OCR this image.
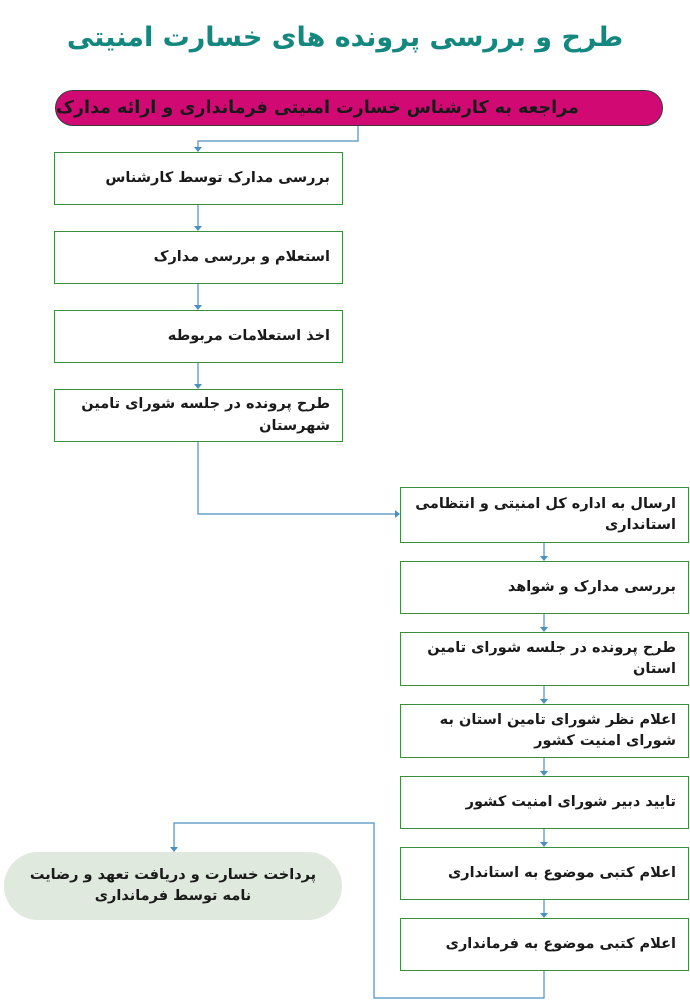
طرح و بررسی پرونده های خسارت امنیتی
مراجعه به کارشناس خسارت امنیتی فرمانداری و ارائه مدارک
بررسی مدارک توسط کارشناس
استعلام و بررسی مدارک
اخذ استعلامات مربوطه
طرح پرونده در جلسه شورای تامین شهرستان
ارسال به اداره کل امنیتی و انتظامی استانداری
بررسی مدارک و شواهد
طرح پرونده در جلسه شورای تامین استان
اعلام نظر شورای تامین استان به شورای امنیت کشور
تایید دبیر شورای امنیت کشور
اعلام کتبی موضوع به استانداری
اعلام کتبی موضوع به فرمانداری
پرداخت خسارت و دریافت تعهد و رضایت نامه توسط فرمانداری
